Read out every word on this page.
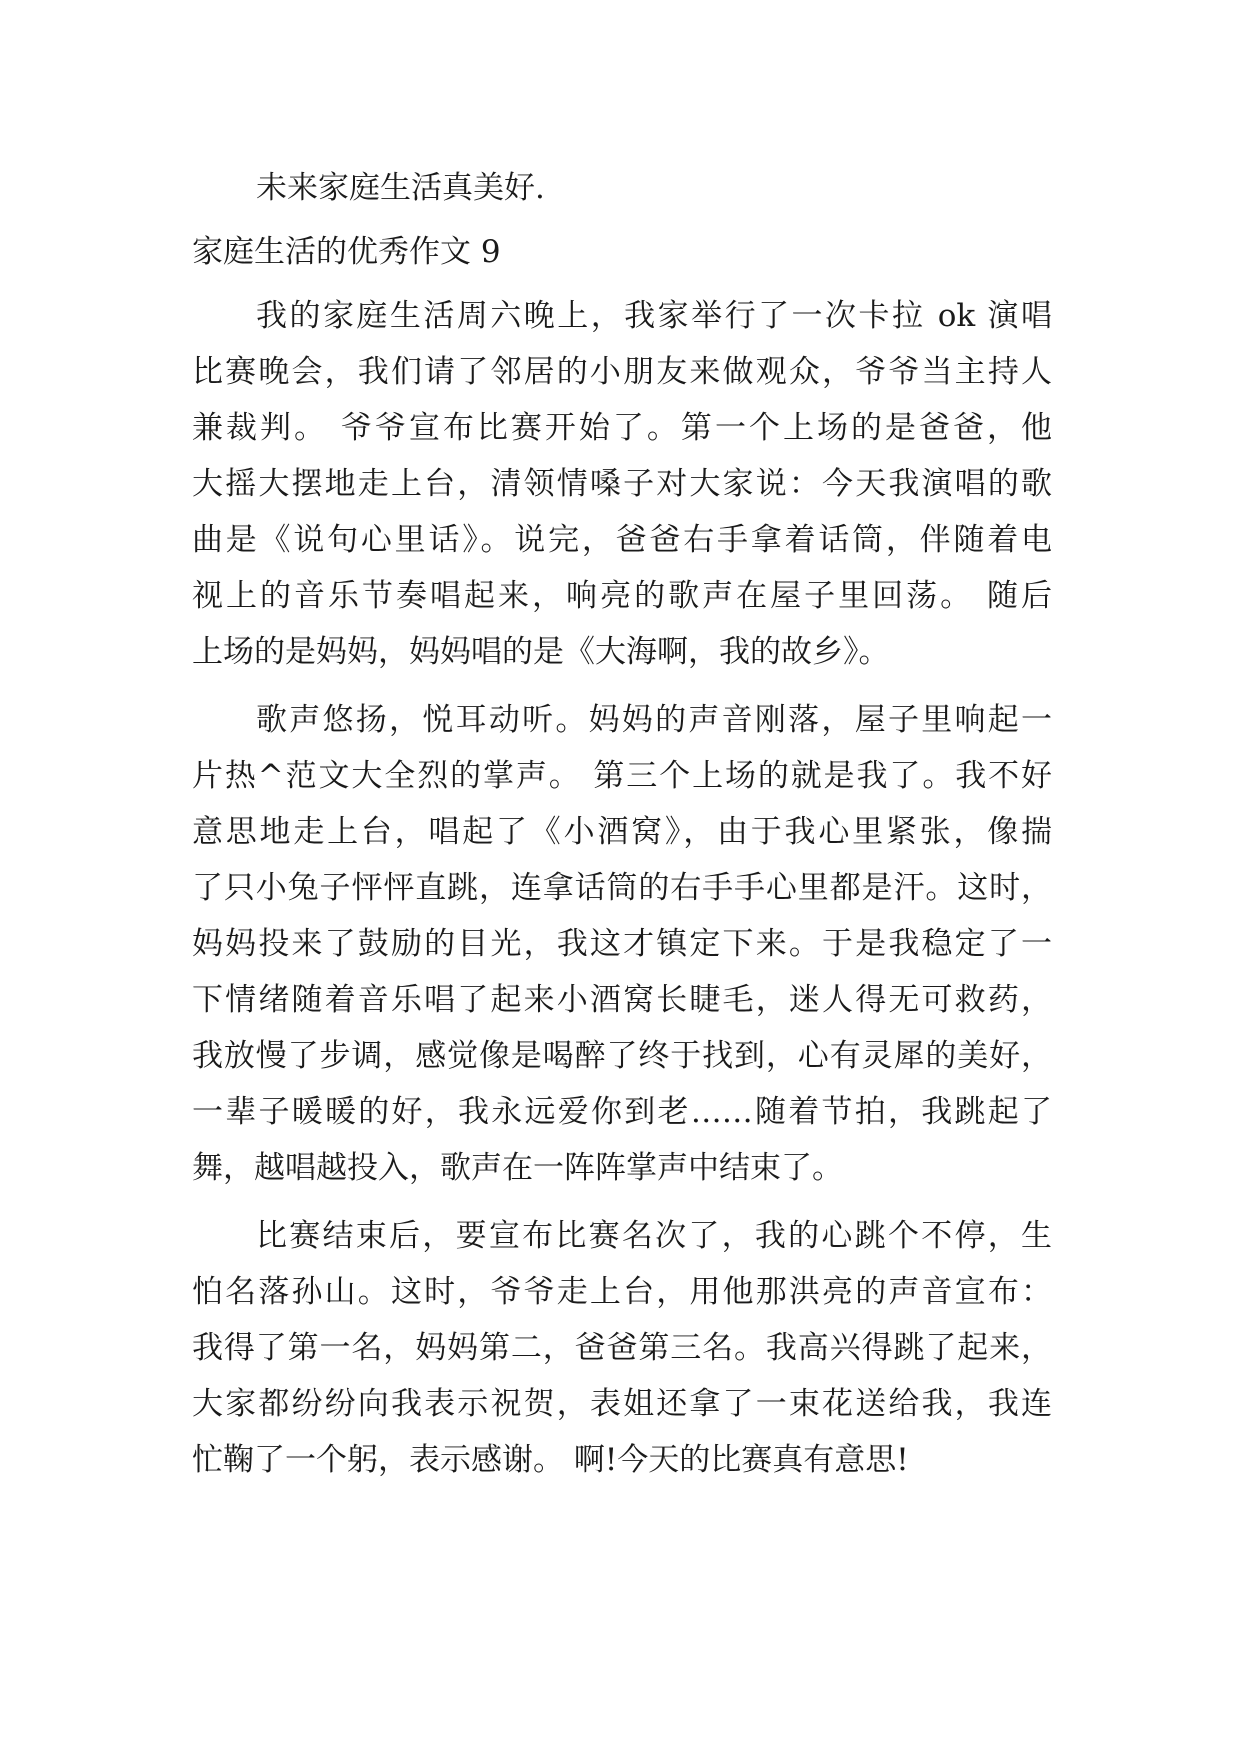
未来家庭生活真美好.
家庭生活的优秀作文 9
我的家庭生活周六晚上，我家举行了一次卡拉 ok 演唱
比赛晚会，我们请了邻居的小朋友来做观众，爷爷当主持人
兼裁判。 爷爷宣布比赛开始了。第一个上场的是爸爸，他
大摇大摆地走上台，清领情嗓子对大家说：今天我演唱的歌
曲是《说句心里话》。说完，爸爸右手拿着话筒，伴随着电
视上的音乐节奏唱起来，响亮的歌声在屋子里回荡。 随后
上场的是妈妈，妈妈唱的是《大海啊，我的故乡》。
歌声悠扬，悦耳动听。妈妈的声音刚落，屋子里响起一
片热^范文大全烈的掌声。 第三个上场的就是我了。我不好
意思地走上台，唱起了《小酒窝》，由于我心里紧张，像揣
了只小兔子怦怦直跳，连拿话筒的右手手心里都是汗。这时，
妈妈投来了鼓励的目光，我这才镇定下来。于是我稳定了一
下情绪随着音乐唱了起来小酒窝长睫毛，迷人得无可救药，
我放慢了步调，感觉像是喝醉了终于找到，心有灵犀的美好，
一辈子暖暖的好，我永远爱你到老……随着节拍，我跳起了
舞，越唱越投入，歌声在一阵阵掌声中结束了。
比赛结束后，要宣布比赛名次了，我的心跳个不停，生
怕名落孙山。这时，爷爷走上台，用他那洪亮的声音宣布：
我得了第一名，妈妈第二，爸爸第三名。我高兴得跳了起来，
大家都纷纷向我表示祝贺，表姐还拿了一束花送给我，我连
忙鞠了一个躬，表示感谢。 啊!今天的比赛真有意思!
